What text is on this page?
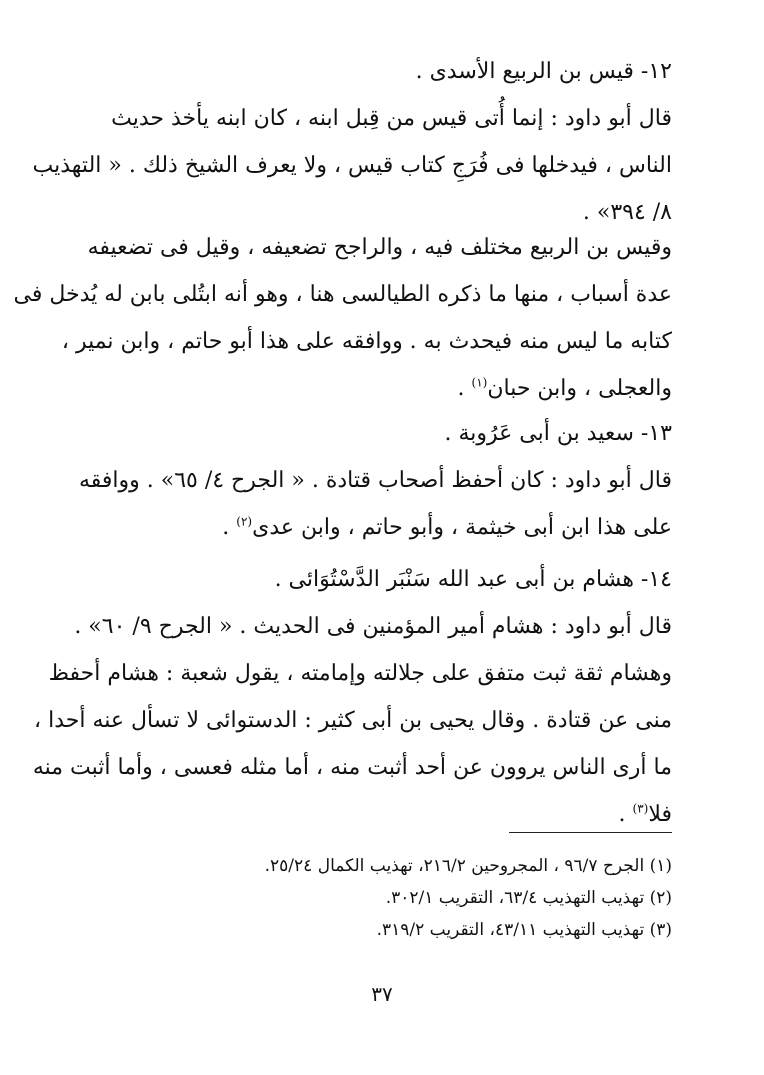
١٢- قيس بن الربيع الأسدى .
قال أبو داود : إنما أُتى قيس من قِبل ابنه ، كان ابنه يأخذ حديث
الناس ، فيدخلها فى فُرَجِ كتاب قيس ، ولا يعرف الشيخ ذلك . « التهذيب
٨/ ٣٩٤» .
وقيس بن الربيع مختلف فيه ، والراجح تضعيفه ، وقيل فى تضعيفه
عدة أسباب ، منها ما ذكره الطيالسى هنا ، وهو أنه ابتُلى بابن له يُدخل فى
كتابه ما ليس منه فيحدث به . ووافقه على هذا أبو حاتم ، وابن نمير ،
والعجلى ، وابن حبان$^{(١)}$ .
١٣- سعيد بن أبى عَرُوبة .
قال أبو داود : كان أحفظ أصحاب قتادة . « الجرح ٤/ ٦٥» . ووافقه
على هذا ابن أبى خيثمة ، وأبو حاتم ، وابن عدى$^{(٢)}$ .
١٤- هشام بن أبى عبد الله سَنْبَر الدَّسْتُوَائى .
قال أبو داود : هشام أمير المؤمنين فى الحديث . « الجرح ٩/ ٦٠» .
وهشام ثقة ثبت متفق على جلالته وإمامته ، يقول شعبة : هشام أحفظ
منى عن قتادة . وقال يحيى بن أبى كثير : الدستوائى لا تسأل عنه أحدا ،
ما أرى الناس يروون عن أحد أثبت منه ، أما مثله فعسى ، وأما أثبت منه
فلا$^{(٣)}$ .
(١) الجرح ٩٦/٧ ، المجروحين ٢١٦/٢، تهذيب الكمال ٢٥/٢٤.
(٢) تهذيب التهذيب ٦٣/٤، التقريب ٣٠٢/١.
(٣) تهذيب التهذيب ٤٣/١١، التقريب ٣١٩/٢.
٣٧
